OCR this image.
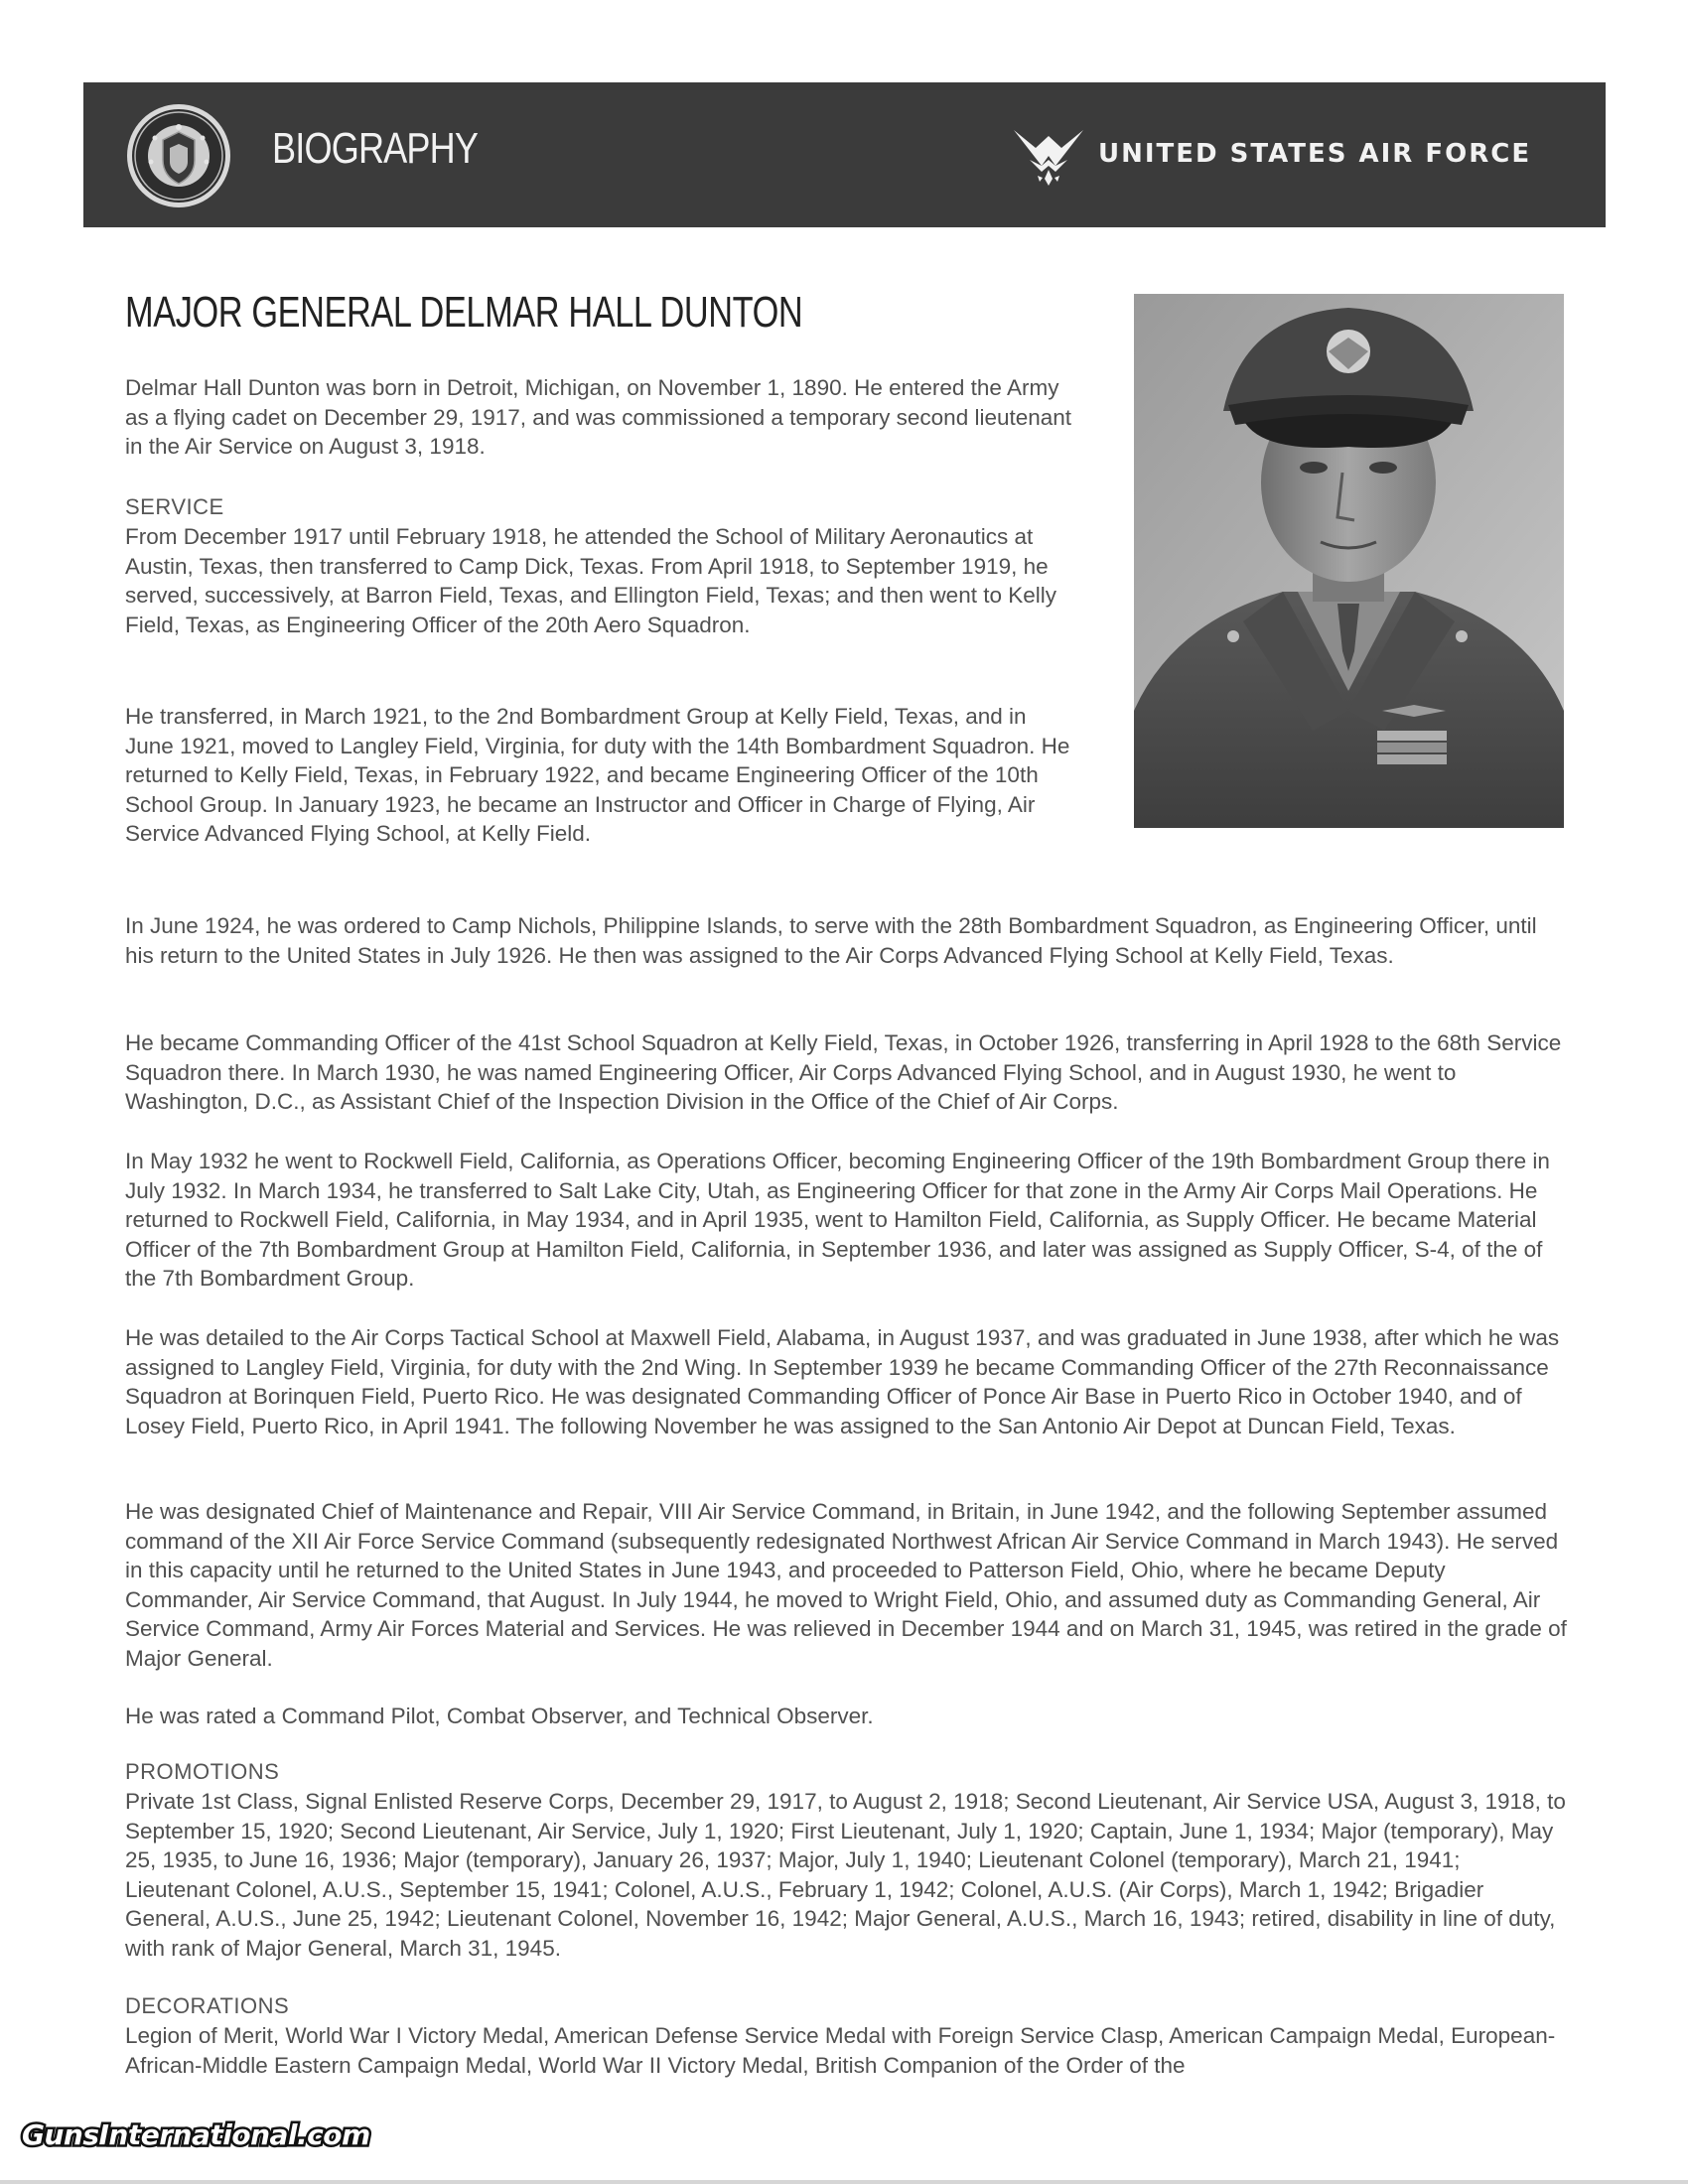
BIOGRAPHY	UNITED STATES AIR FORCE
MAJOR GENERAL DELMAR HALL DUNTON

Delmar Hall Dunton was born in Detroit, Michigan, on November 1, 1890. He entered the Army as a flying cadet on December 29, 1917, and was commissioned a temporary second lieutenant in the Air Service on August 3, 1918.

SERVICE

From December 1917 until February 1918, he attended the School of Military Aeronautics at Austin, Texas, then transferred to Camp Dick, Texas. From April 1918, to September 1919, he served, successively, at Barron Field, Texas, and Ellington Field, Texas; and then went to Kelly Field, Texas, as Engineering Officer of the 20th Aero Squadron.

He transferred, in March 1921, to the 2nd Bombardment Group at Kelly Field, Texas, and in June 1921, moved to Langley Field, Virginia, for duty with the 14th Bombardment Squadron. He returned to Kelly Field, Texas, in February 1922, and became Engineering Officer of the 10th School Group. In January 1923, he became an Instructor and Officer in Charge of Flying, Air Service Advanced Flying School, at Kelly Field.

In June 1924, he was ordered to Camp Nichols, Philippine Islands, to serve with the 28th Bombardment Squadron, as Engineering Officer, until his return to the United States in July 1926. He then was assigned to the Air Corps Advanced Flying School at Kelly Field, Texas.

He became Commanding Officer of the 41st School Squadron at Kelly Field, Texas, in October 1926, transferring in April 1928 to the 68th Service Squadron there. In March 1930, he was named Engineering Officer, Air Corps Advanced Flying School, and in August 1930, he went to Washington, D.C., as Assistant Chief of the Inspection Division in the Office of the Chief of Air Corps.

In May 1932 he went to Rockwell Field, California, as Operations Officer, becoming Engineering Officer of the 19th Bombardment Group there in July 1932. In March 1934, he transferred to Salt Lake City, Utah, as Engineering Officer for that zone in the Army Air Corps Mail Operations. He returned to Rockwell Field, California, in May 1934, and in April 1935, went to Hamilton Field, California, as Supply Officer. He became Material Officer of the 7th Bombardment Group at Hamilton Field, California, in September 1936, and later was assigned as Supply Officer, S-4, of the of the 7th Bombardment Group.

He was detailed to the Air Corps Tactical School at Maxwell Field, Alabama, in August 1937, and was graduated in June 1938, after which he was assigned to Langley Field, Virginia, for duty with the 2nd Wing. In September 1939 he became Commanding Officer of the 27th Reconnaissance Squadron at Borinquen Field, Puerto Rico. He was designated Commanding Officer of Ponce Air Base in Puerto Rico in October 1940, and of Losey Field, Puerto Rico, in April 1941. The following November he was assigned to the San Antonio Air Depot at Duncan Field, Texas.

He was designated Chief of Maintenance and Repair, VIII Air Service Command, in Britain, in June 1942, and the following September assumed command of the XII Air Force Service Command (subsequently redesignated Northwest African Air Service Command in March 1943). He served in this capacity until he returned to the United States in June 1943, and proceeded to Patterson Field, Ohio, where he became Deputy Commander, Air Service Command, that August. In July 1944, he moved to Wright Field, Ohio, and assumed duty as Commanding General, Air Service Command, Army Air Forces Material and Services. He was relieved in December 1944 and on March 31, 1945, was retired in the grade of Major General.

He was rated a Command Pilot, Combat Observer, and Technical Observer.

PROMOTIONS

Private 1st Class, Signal Enlisted Reserve Corps, December 29, 1917, to August 2, 1918; Second Lieutenant, Air Service USA, August 3, 1918, to September 15, 1920; Second Lieutenant, Air Service, July 1, 1920; First Lieutenant, July 1, 1920; Captain, June 1, 1934; Major (temporary), May 25, 1935, to June 16, 1936; Major (temporary), January 26, 1937; Major, July 1, 1940; Lieutenant Colonel (temporary), March 21, 1941; Lieutenant Colonel, A.U.S., September 15, 1941; Colonel, A.U.S., February 1, 1942; Colonel, A.U.S. (Air Corps), March 1, 1942; Brigadier General, A.U.S., June 25, 1942; Lieutenant Colonel, November 16, 1942; Major General, A.U.S., March 16, 1943; retired, disability in line of duty, with rank of Major General, March 31, 1945.

DECORATIONS

Legion of Merit, World War I Victory Medal, American Defense Service Medal with Foreign Service Clasp, American Campaign Medal, European-African-Middle Eastern Campaign Medal, World War II Victory Medal, British Companion of the Order of the

GunsInternational.com
